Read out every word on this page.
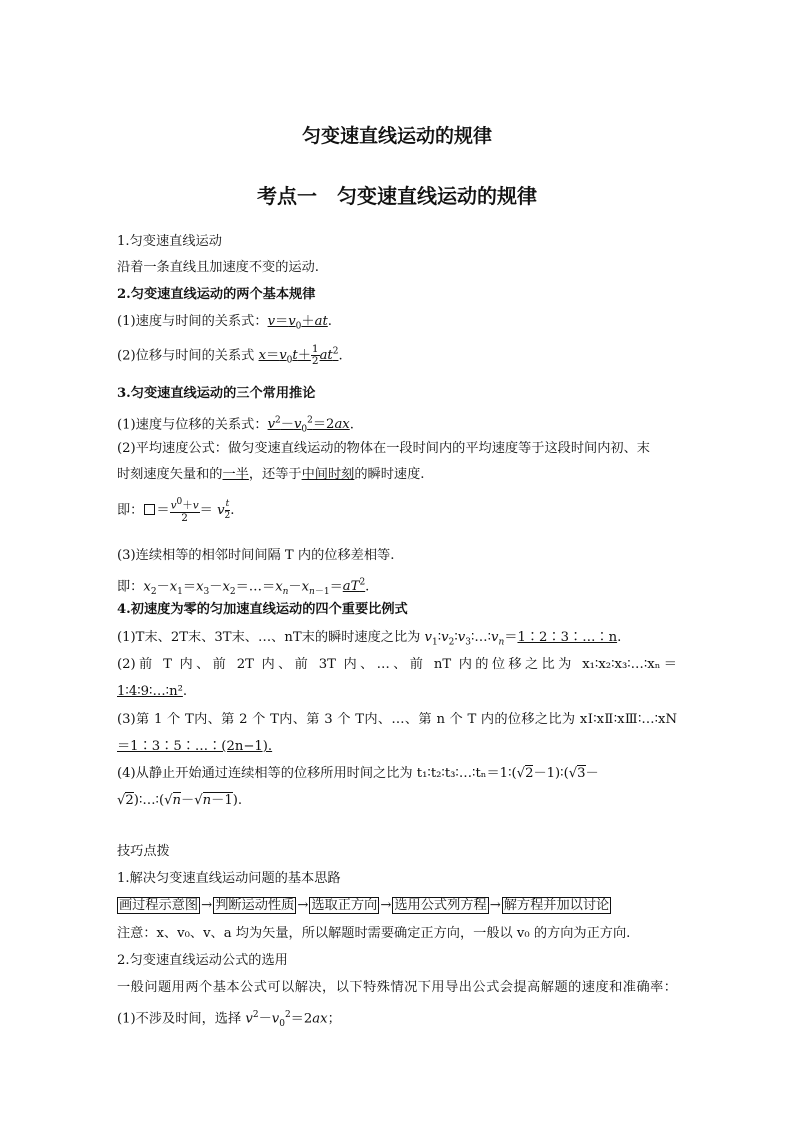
匀变速直线运动的规律
考点一　匀变速直线运动的规律
1.匀变速直线运动
沿着一条直线且加速度不变的运动.
2.匀变速直线运动的两个基本规律
(1)速度与时间的关系式：$v=v_0+at$.
(2)位移与时间的关系式 $x=v_0t+ \frac{1}{2} at^2$.
3.匀变速直线运动的三个常用推论
(1)速度与位移的关系式：$v^2-v_0^2=2ax$.
(2)平均速度公式：做匀变速直线运动的物体在一段时间内的平均速度等于这段时间内初、末
时刻速度矢量和的一半，还等于中间时刻的瞬时速度.
即： ＝ $\frac{v^0+v}{2} = v \frac{t}{2}$ .
(3)连续相等的相邻时间间隔 T 内的位移差相等.
即：$x_2-x_1=x_3-x_2=\dots=x_n-x_{n-1}=aT^2$.
4.初速度为零的匀加速直线运动的四个重要比例式
(1)T末、2T末、3T末、…、nT末的瞬时速度之比为 $v_1∶v_2∶v_3∶\dots∶v_n=1∶2∶3∶\dots∶n$.
(2)前 T 内、前 2T 内、前 3T 内、…、前 nT 内的位移之比为 x₁∶x₂∶x₃∶…∶xₙ＝
1∶4∶9∶…∶n².
(3)第 1 个 T内、第 2 个 T内、第 3 个 T内、…、第 n 个 T 内的位移之比为 xⅠ∶xⅡ∶xⅢ∶…∶xN
＝1∶3∶5∶…∶(2n−1).
(4)从静止开始通过连续相等的位移所用时间之比为 t₁∶t₂∶t₃∶…∶tₙ＝1∶(√2－1)∶(√3－
√2)∶…∶(√n－√n－1).
技巧点拨
1.解决匀变速直线运动问题的基本思路
画过程示意图 → 判断运动性质 → 选取正方向 → 选用公式列方程 → 解方程并加以讨论
注意：x、v₀、v、a 均为矢量，所以解题时需要确定正方向，一般以 v₀ 的方向为正方向.
2.匀变速直线运动公式的选用
一般问题用两个基本公式可以解决，以下特殊情况下用导出公式会提高解题的速度和准确率：
(1)不涉及时间，选择 $v^2-v_0^2=2ax$；
